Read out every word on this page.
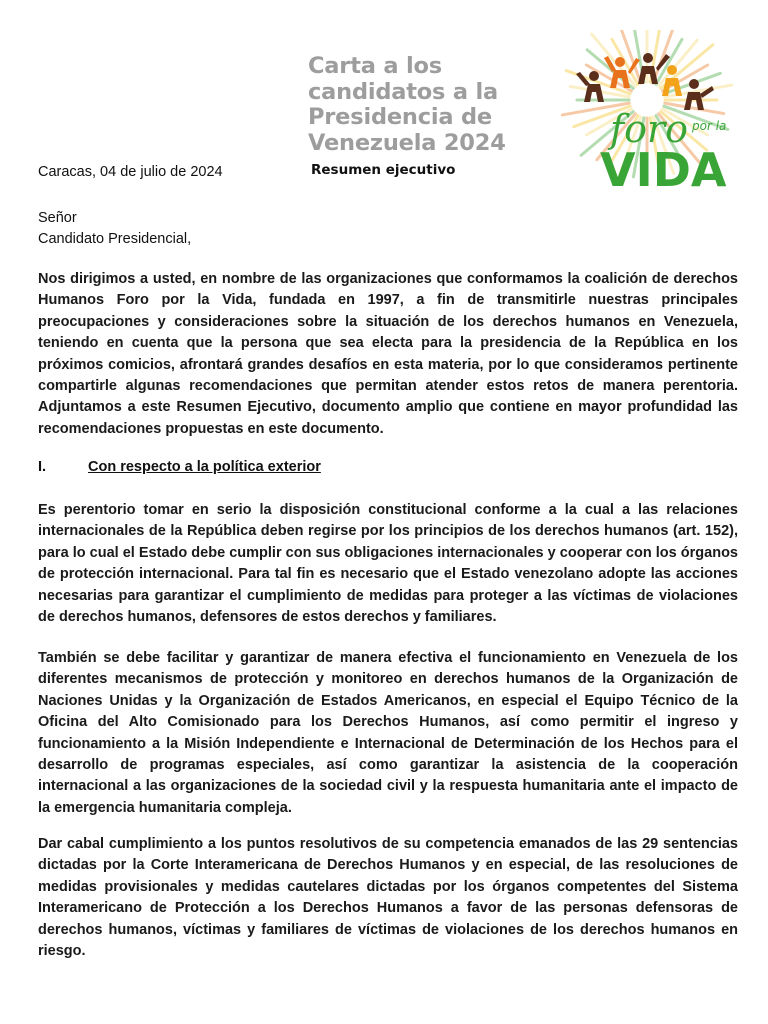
Carta a los
candidatos a la
Presidencia de
Venezuela 2024

Resumen ejecutivo

foro por la
VIDA

Caracas, 04 de julio de 2024

Señor
Candidato Presidencial,

Nos dirigimos a usted, en nombre de las organizaciones que conformamos la coalición de derechos Humanos Foro por la Vida, fundada en 1997, a fin de transmitirle nuestras principales preocupaciones y consideraciones sobre la situación de los derechos humanos en Venezuela, teniendo en cuenta que la persona que sea electa para la presidencia de la República en los próximos comicios, afrontará grandes desafíos en esta materia, por lo que consideramos pertinente compartirle algunas recomendaciones que permitan atender estos retos de manera perentoria. Adjuntamos a este Resumen Ejecutivo, documento amplio que contiene en mayor profundidad las recomendaciones propuestas en este documento.

I.	Con respecto a la política exterior

Es perentorio tomar en serio la disposición constitucional conforme a la cual a las relaciones internacionales de la República deben regirse por los principios de los derechos humanos (art. 152), para lo cual el Estado debe cumplir con sus obligaciones internacionales y cooperar con los órganos de protección internacional. Para tal fin es necesario que el Estado venezolano adopte las acciones necesarias para garantizar el cumplimiento de medidas para proteger a las víctimas de violaciones de derechos humanos, defensores de estos derechos y familiares.

También se debe facilitar y garantizar de manera efectiva el funcionamiento en Venezuela de los diferentes mecanismos de protección y monitoreo en derechos humanos de la Organización de Naciones Unidas y la Organización de Estados Americanos, en especial el Equipo Técnico de la Oficina del Alto Comisionado para los Derechos Humanos, así como permitir el ingreso y funcionamiento a la Misión Independiente e Internacional de Determinación de los Hechos para el desarrollo de programas especiales, así como garantizar la asistencia de la cooperación internacional a las organizaciones de la sociedad civil y la respuesta humanitaria ante el impacto de la emergencia humanitaria compleja.

Dar cabal cumplimiento a los puntos resolutivos de su competencia emanados de las 29 sentencias dictadas por la Corte Interamericana de Derechos Humanos y en especial, de las resoluciones de medidas provisionales y medidas cautelares dictadas por los órganos competentes del Sistema Interamericano de Protección a los Derechos Humanos a favor de las personas defensoras de derechos humanos, víctimas y familiares de víctimas de violaciones de los derechos humanos en riesgo.
